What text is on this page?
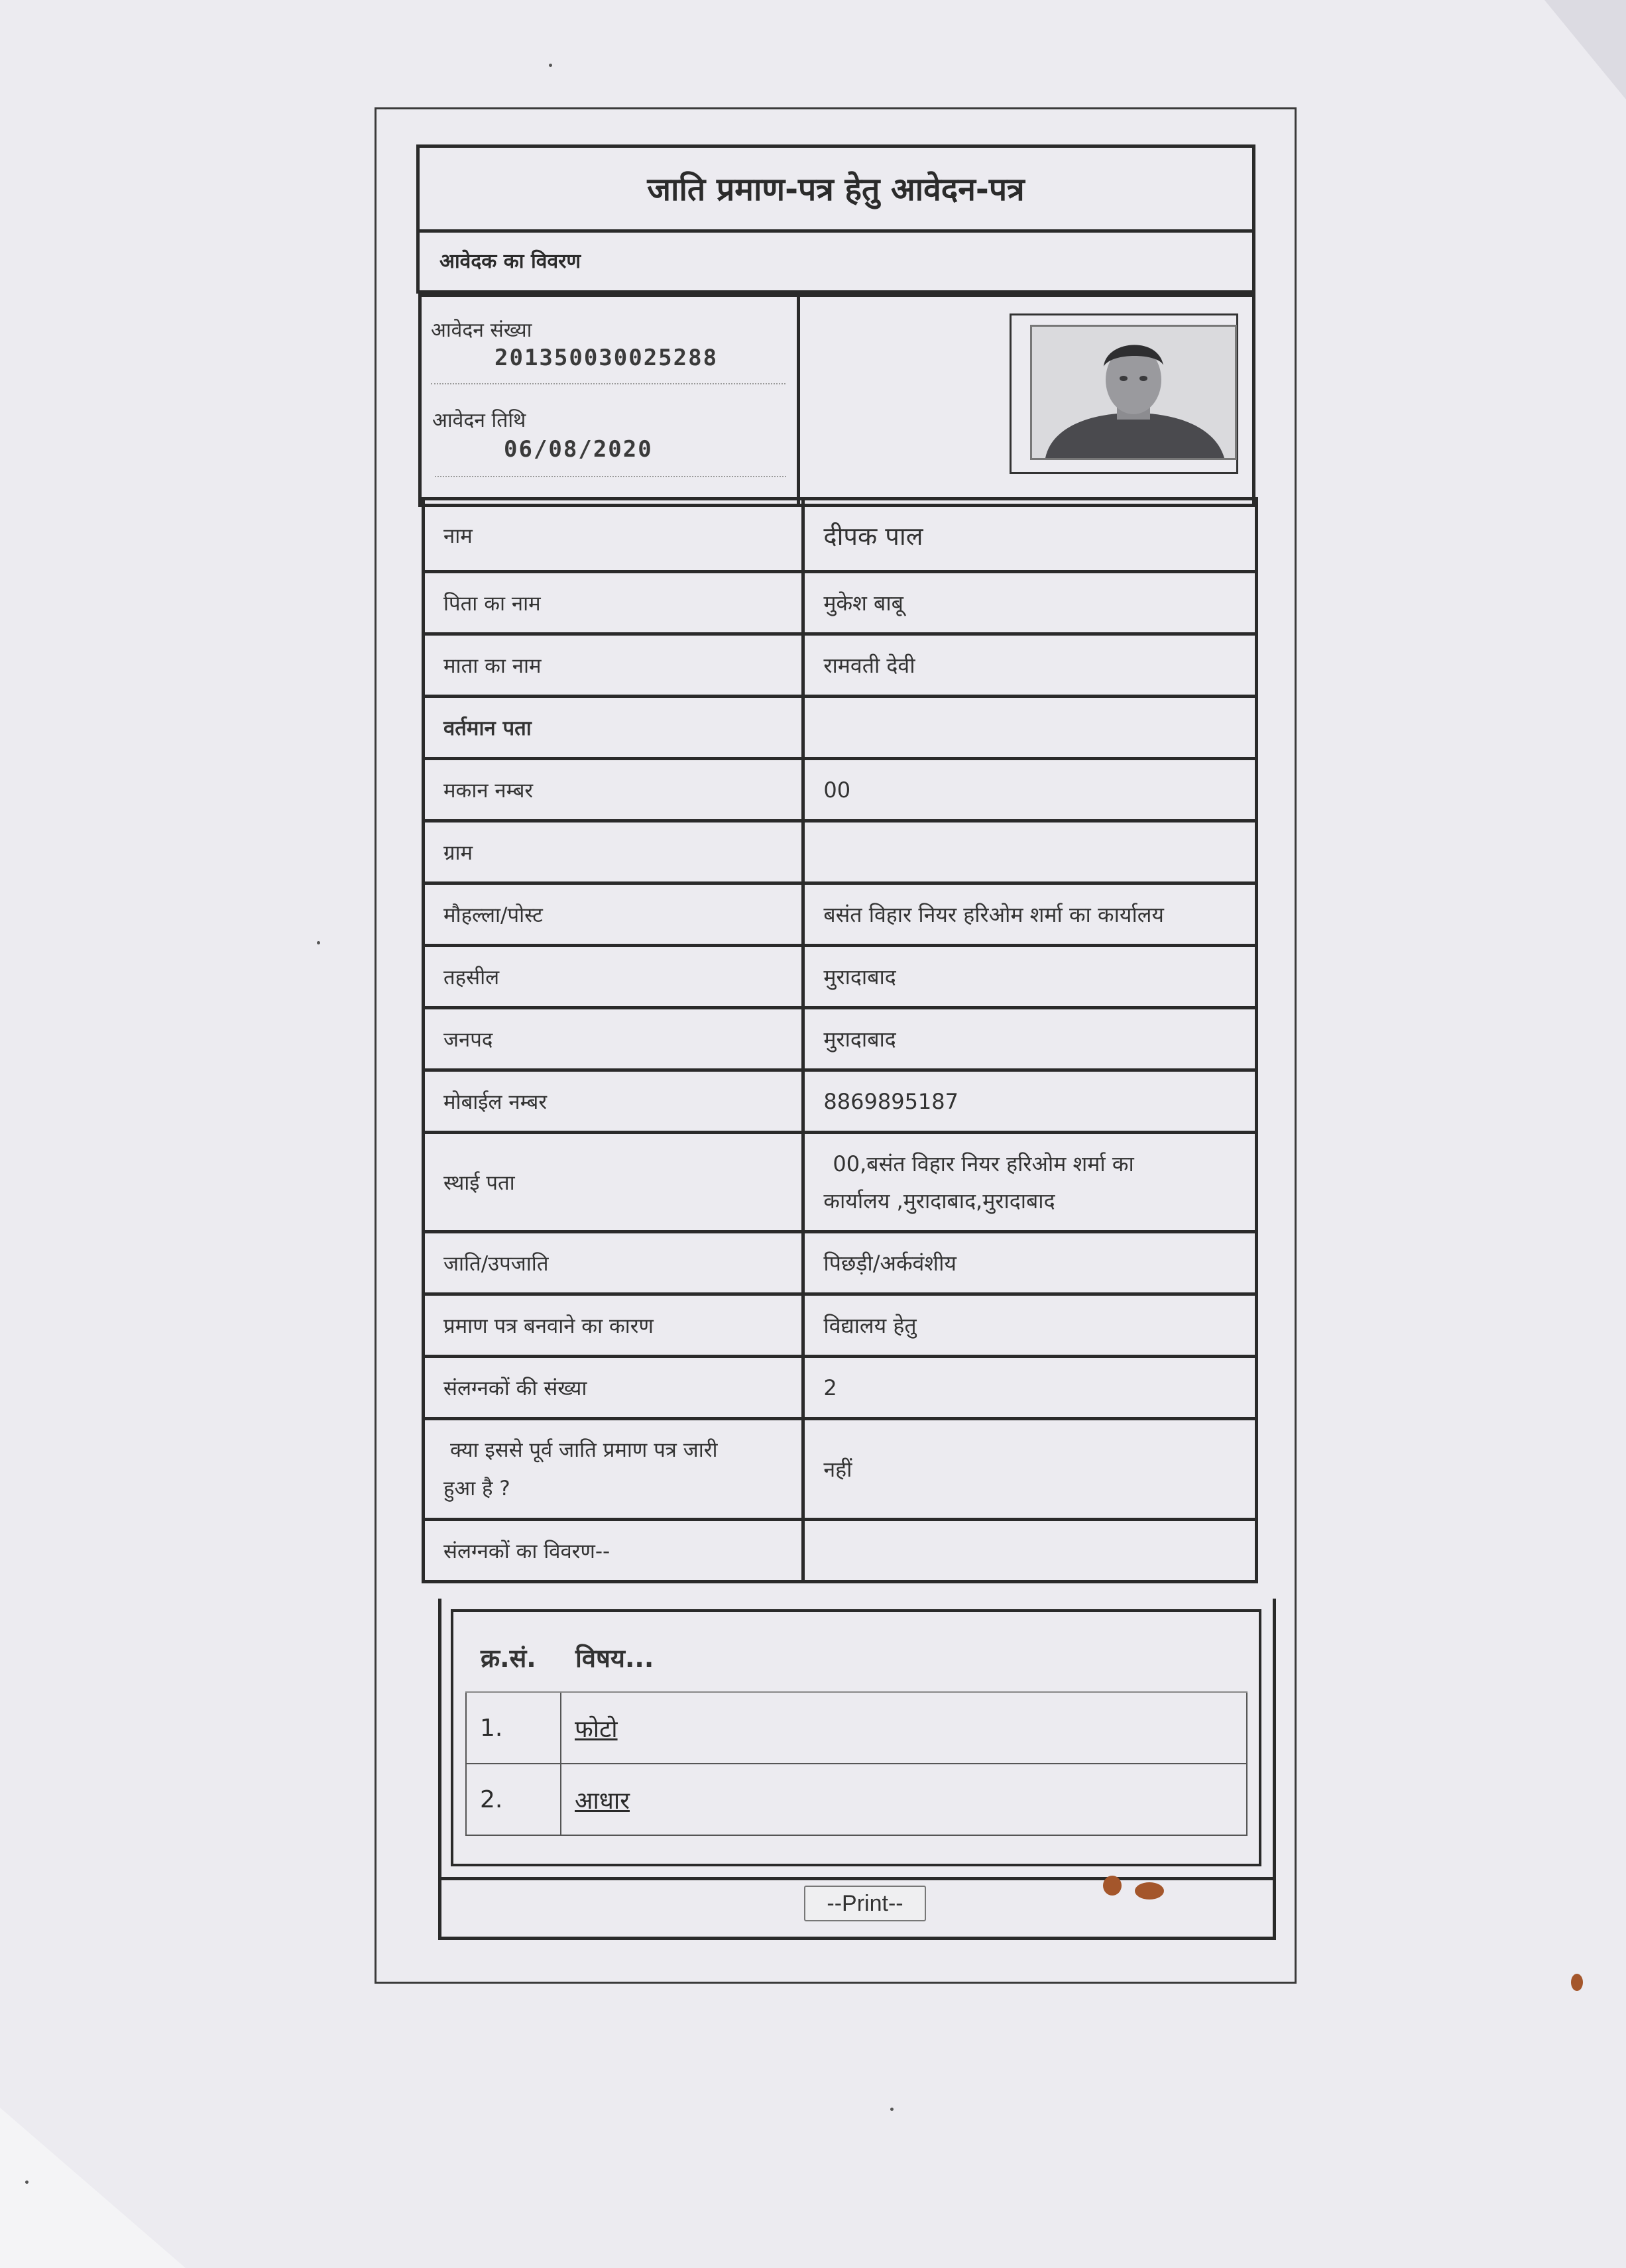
जाति प्रमाण-पत्र हेतु आवेदन-पत्र
आवेदक का विवरण
आवेदन संख्या
201350030025288
आवेदन तिथि
06/08/2020
नाम	दीपक पाल
पिता का नाम	मुकेश बाबू
माता का नाम	रामवती देवी
वर्तमान पता	
मकान नम्बर	00
ग्राम	
मौहल्ला/पोस्ट	बसंत विहार नियर हरिओम शर्मा का कार्यालय
तहसील	मुरादाबाद
जनपद	मुरादाबाद
मोबाईल नम्बर	8869895187
स्थाई पता	00,बसंत विहार नियर हरिओम शर्मा का
कार्यालय ,मुरादाबाद,मुरादाबाद

जाति/उपजाति	पिछड़ी/अर्कवंशीय
प्रमाण पत्र बनवाने का कारण	विद्यालय हेतु
संलग्नकों की संख्या	2

क्या इससे पूर्व जाति प्रमाण पत्र जारी
हुआ है ?	नहीं
संलग्नकों का विवरण--	
क्र.सं.	विषय...
1.	फोटो
2.	आधार
--Print--
